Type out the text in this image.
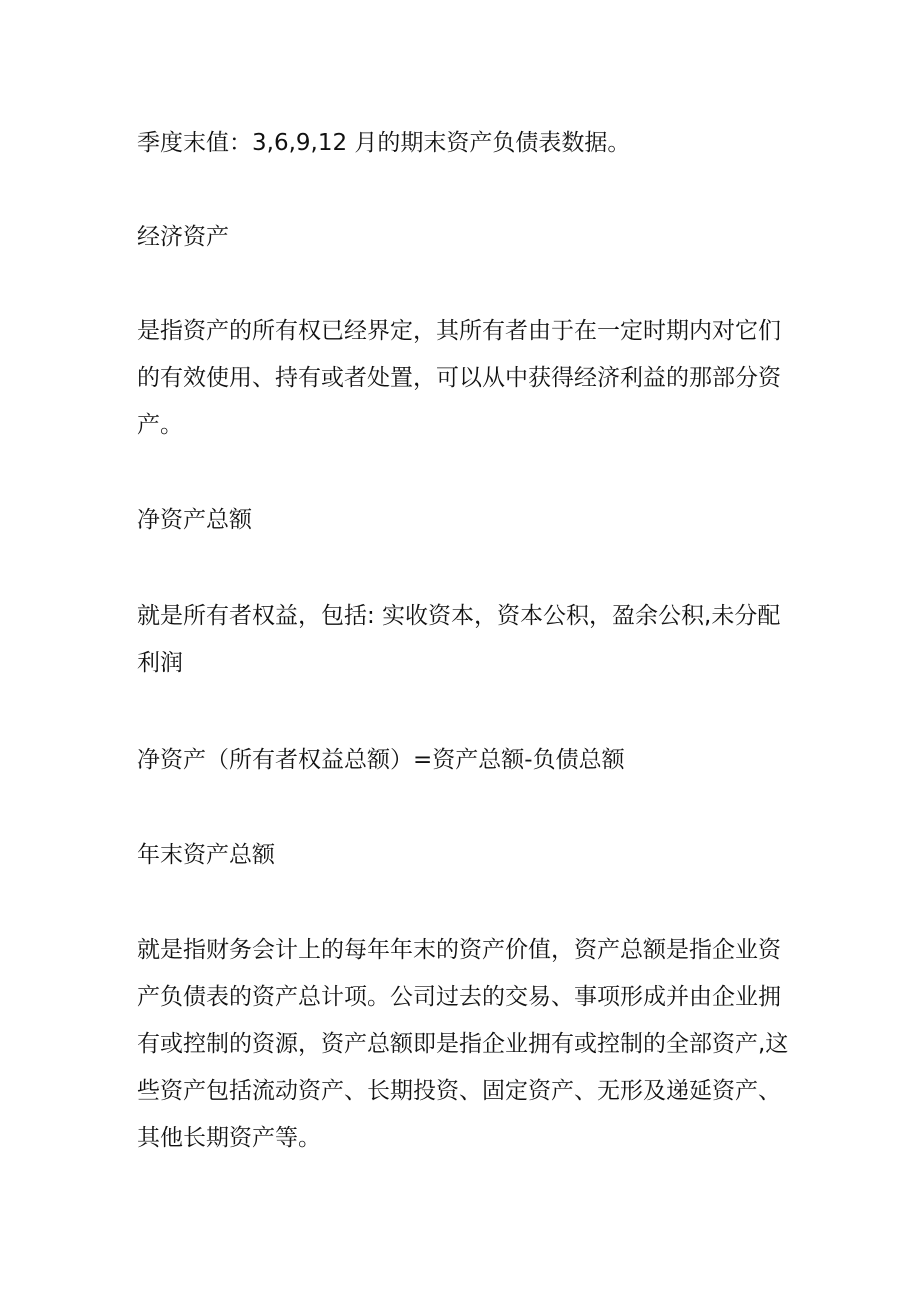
季度末值：3,6,9,12 月的期末资产负债表数据。

经济资产

是指资产的所有权已经界定，其所有者由于在一定时期内对它们的有效使用、持有或者处置，可以从中获得经济利益的那部分资产。

净资产总额

就是所有者权益，包括: 实收资本，资本公积，盈余公积,未分配利润

净资产（所有者权益总额）=资产总额-负债总额

年末资产总额

就是指财务会计上的每年年末的资产价值，资产总额是指企业资产负债表的资产总计项。公司过去的交易、事项形成并由企业拥有或控制的资源，资产总额即是指企业拥有或控制的全部资产,这些资产包括流动资产、长期投资、固定资产、无形及递延资产、其他长期资产等。
